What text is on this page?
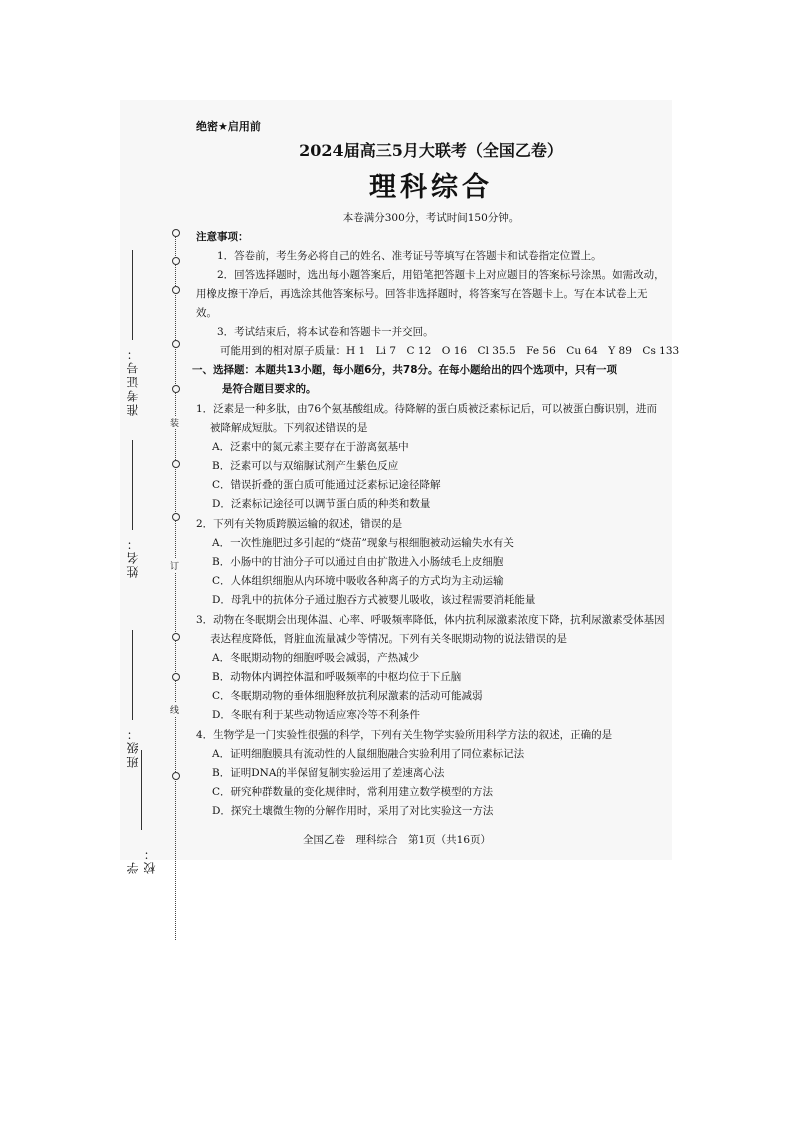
准考证号：
姓名：
班级：
学校：
装
订
线
绝密★启用前
2024届高三5月大联考（全国乙卷）
理科综合
本卷满分300分，考试时间150分钟。
注意事项：
1．答卷前，考生务必将自己的姓名、准考证号等填写在答题卡和试卷指定位置上。
2．回答选择题时，选出每小题答案后，用铅笔把答题卡上对应题目的答案标号涂黑。如需改动，用橡皮擦干净后，再选涂其他答案标号。回答非选择题时，将答案写在答题卡上。写在本试卷上无效。
3．考试结束后，将本试卷和答题卡一并交回。
可能用到的相对原子质量：H 1　Li 7　C 12　O 16　Cl 35.5　Fe 56　Cu 64　Y 89　Cs 133
一、选择题：本题共13小题，每小题6分，共78分。在每小题给出的四个选项中，只有一项
是符合题目要求的。
1．泛素是一种多肽，由76个氨基酸组成。待降解的蛋白质被泛素标记后，可以被蛋白酶识别，进而被降解成短肽。下列叙述错误的是
A．泛素中的氮元素主要存在于游离氨基中
B．泛素可以与双缩脲试剂产生紫色反应
C．错误折叠的蛋白质可能通过泛素标记途径降解
D．泛素标记途径可以调节蛋白质的种类和数量
2．下列有关物质跨膜运输的叙述，错误的是
A．一次性施肥过多引起的“烧苗”现象与根细胞被动运输失水有关
B．小肠中的甘油分子可以通过自由扩散进入小肠绒毛上皮细胞
C．人体组织细胞从内环境中吸收各种离子的方式均为主动运输
D．母乳中的抗体分子通过胞吞方式被婴儿吸收，该过程需要消耗能量
3．动物在冬眠期会出现体温、心率、呼吸频率降低，体内抗利尿激素浓度下降，抗利尿激素受体基因表达程度降低，肾脏血流量减少等情况。下列有关冬眠期动物的说法错误的是
A．冬眠期动物的细胞呼吸会减弱，产热减少
B．动物体内调控体温和呼吸频率的中枢均位于下丘脑
C．冬眠期动物的垂体细胞释放抗利尿激素的活动可能减弱
D．冬眠有利于某些动物适应寒冷等不利条件
4．生物学是一门实验性很强的科学，下列有关生物学实验所用科学方法的叙述，正确的是
A．证明细胞膜具有流动性的人鼠细胞融合实验利用了同位素标记法
B．证明DNA的半保留复制实验运用了差速离心法
C．研究种群数量的变化规律时，常利用建立数学模型的方法
D．探究土壤微生物的分解作用时，采用了对比实验这一方法
全国乙卷　理科综合　第1页（共16页）
